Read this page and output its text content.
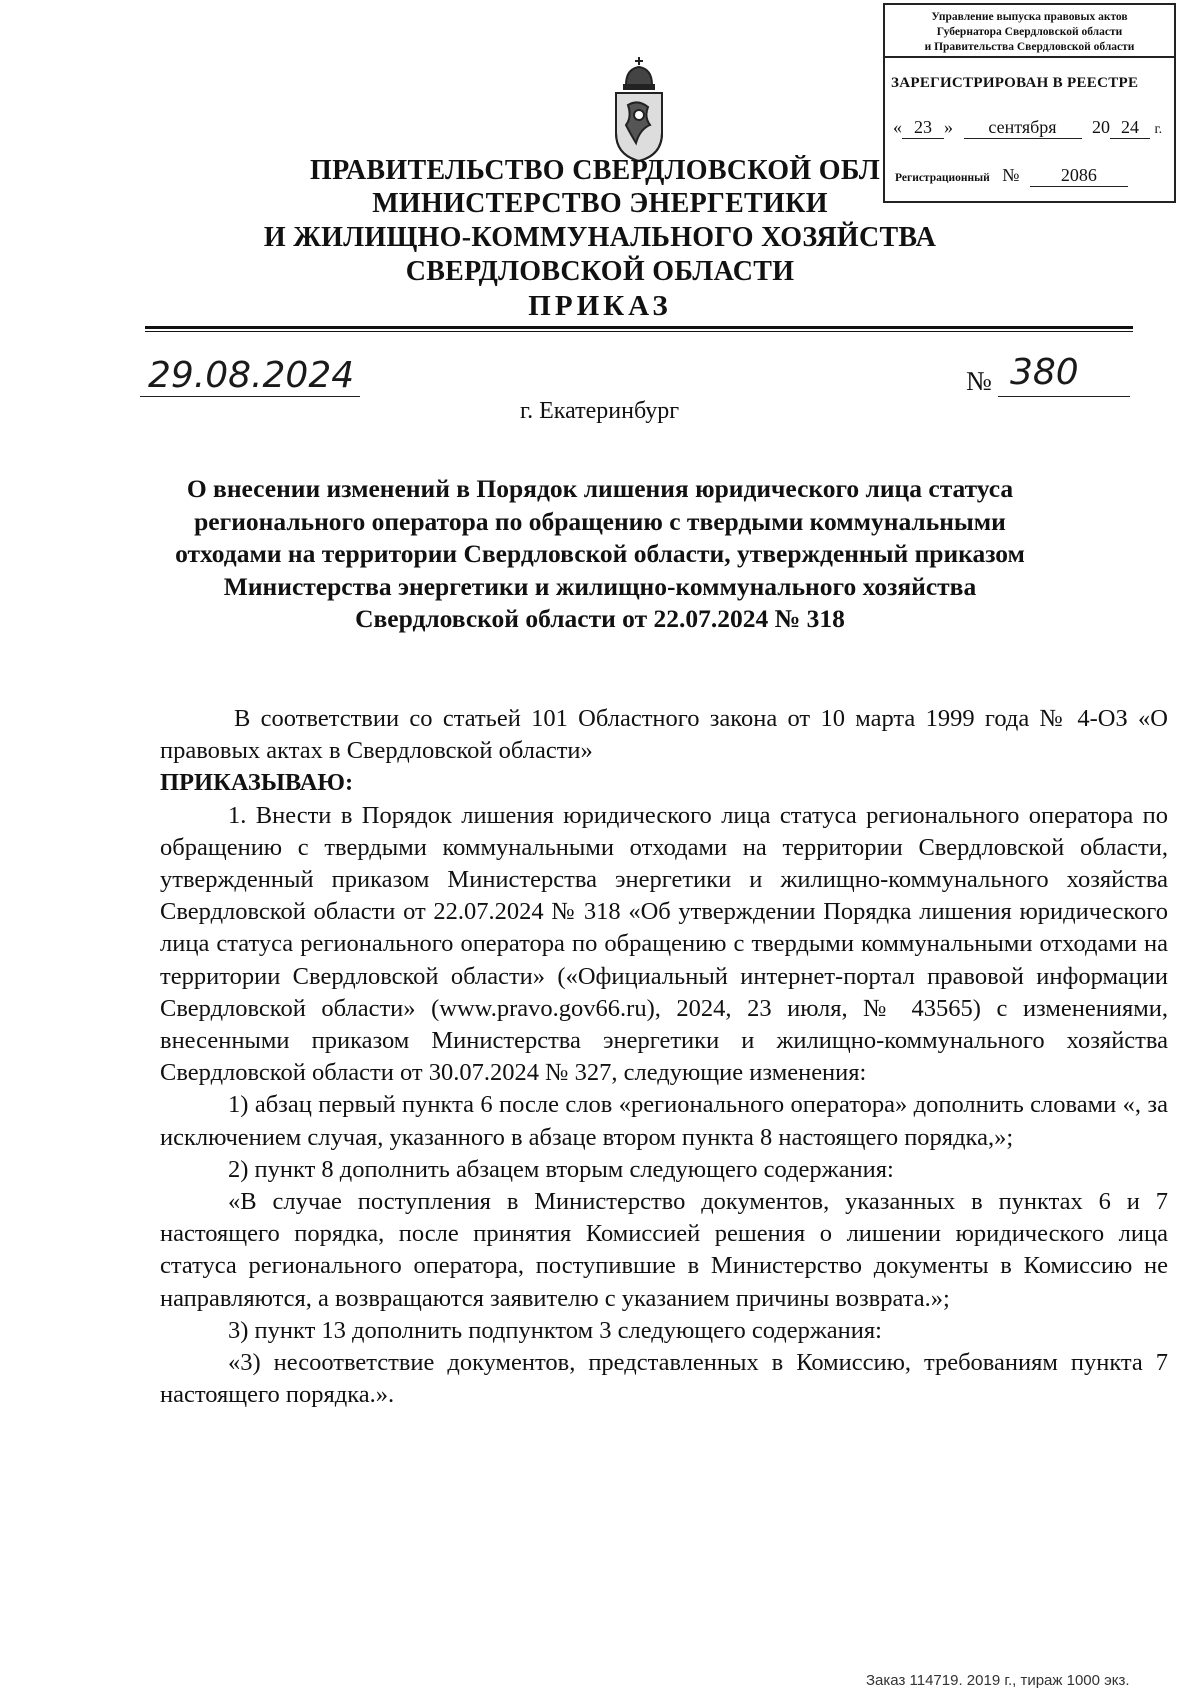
Управление выпуска правовых актов
Губернатора Свердловской области
и Правительства Свердловской области
ЗАРЕГИСТРИРОВАН В РЕЕСТРЕ
« 23 » сентября 20 24 г.
Регистрационный № 2086
ПРАВИТЕЛЬСТВО СВЕРДЛОВСКОЙ ОБЛ
МИНИСТЕРСТВО ЭНЕРГЕТИКИ
И ЖИЛИЩНО-КОММУНАЛЬНОГО ХОЗЯЙСТВА
СВЕРДЛОВСКОЙ ОБЛАСТИ
ПРИКАЗ
29.08.2024	№ 380
г. Екатеринбург
О внесении изменений в Порядок лишения юридического лица статуса регионального оператора по обращению с твердыми коммунальными отходами на территории Свердловской области, утвержденный приказом Министерства энергетики и жилищно-коммунального хозяйства Свердловской области от 22.07.2024 № 318

В соответствии со статьей 101 Областного закона от 10 марта 1999 года № 4-ОЗ «О правовых актах в Свердловской области»

ПРИКАЗЫВАЮ:

1. Внести в Порядок лишения юридического лица статуса регионального оператора по обращению с твердыми коммунальными отходами на территории Свердловской области, утвержденный приказом Министерства энергетики и жилищно-коммунального хозяйства Свердловской области от 22.07.2024 № 318 «Об утверждении Порядка лишения юридического лица статуса регионального оператора по обращению с твердыми коммунальными отходами на территории Свердловской области» («Официальный интернет-портал правовой информации Свердловской области» (www.pravo.gov66.ru), 2024, 23 июля, № 43565) с изменениями, внесенными приказом Министерства энергетики и жилищно-коммунального хозяйства Свердловской области от 30.07.2024 № 327, следующие изменения:

1) абзац первый пункта 6 после слов «регионального оператора» дополнить словами «, за исключением случая, указанного в абзаце втором пункта 8 настоящего порядка,»;

2) пункт 8 дополнить абзацем вторым следующего содержания:

«В случае поступления в Министерство документов, указанных в пунктах 6 и 7 настоящего порядка, после принятия Комиссией решения о лишении юридического лица статуса регионального оператора, поступившие в Министерство документы в Комиссию не направляются, а возвращаются заявителю с указанием причины возврата.»;

3) пункт 13 дополнить подпунктом 3 следующего содержания:

«3) несоответствие документов, представленных в Комиссию, требованиям пункта 7 настоящего порядка.».

Заказ 114719. 2019 г., тираж 1000 экз.
